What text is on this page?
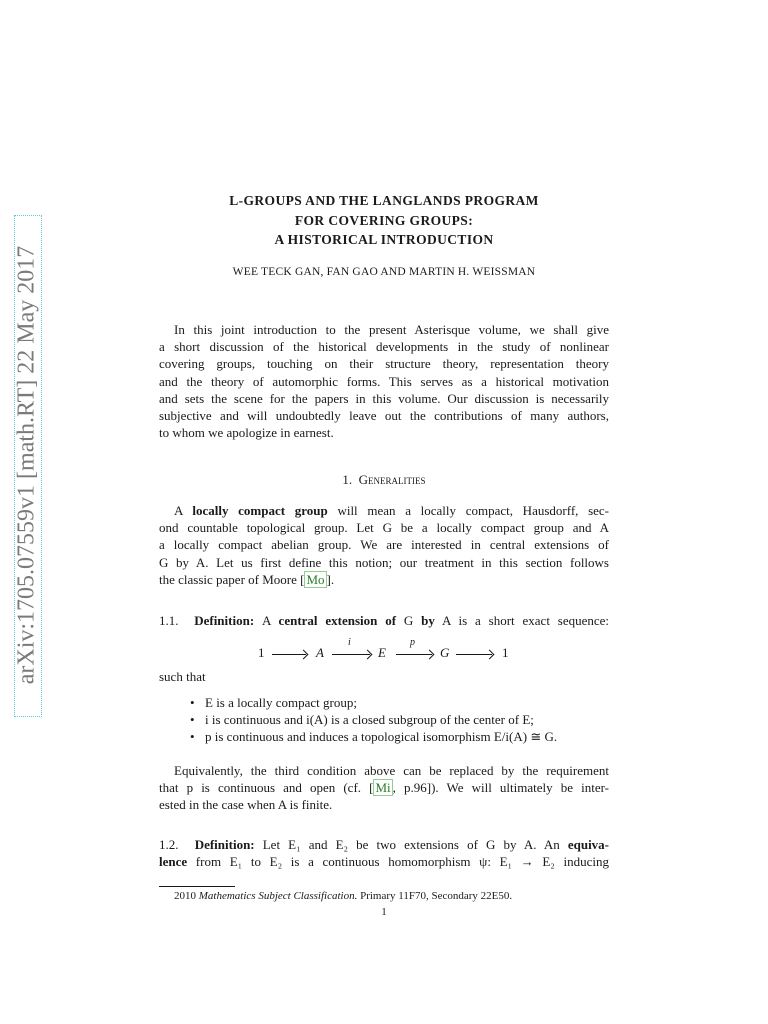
arXiv:1705.07559v1 [math.RT] 22 May 2017
L-GROUPS AND THE LANGLANDS PROGRAM
FOR COVERING GROUPS:
A HISTORICAL INTRODUCTION
WEE TECK GAN, FAN GAO AND MARTIN H. WEISSMAN
In this joint introduction to the present Asterisque volume, we shall give
a short discussion of the historical developments in the study of nonlinear
covering groups, touching on their structure theory, representation theory
and the theory of automorphic forms. This serves as a historical motivation
and sets the scene for the papers in this volume. Our discussion is necessarily
subjective and will undoubtedly leave out the contributions of many authors,
to whom we apologize in earnest.
1. Generalities
A locally compact group will mean a locally compact, Hausdorff, sec-
ond countable topological group. Let G be a locally compact group and A
a locally compact abelian group. We are interested in central extensions of
G by A. Let us first define this notion; our treatment in this section follows
the classic paper of Moore [ Mo ].
1.1. Definition: A central extension of G by A is a short exact sequence:
1	A
i
E
p
G	1
such that
• E is a locally compact group;
• i is continuous and i(A) is a closed subgroup of the center of E;
• p is continuous and induces a topological isomorphism E/i(A) ≅ G.
Equivalently, the third condition above can be replaced by the requirement
that p is continuous and open (cf. [ Mi , p.96]). We will ultimately be inter-
ested in the case when A is finite.
1.2. Definition: Let E₁ and E₂ be two extensions of G by A. An equiva-
lence from E₁ to E₂ is a continuous homomorphism ψ: E₁ → E₂ inducing
2010 Mathematics Subject Classification. Primary 11F70, Secondary 22E50.
1
